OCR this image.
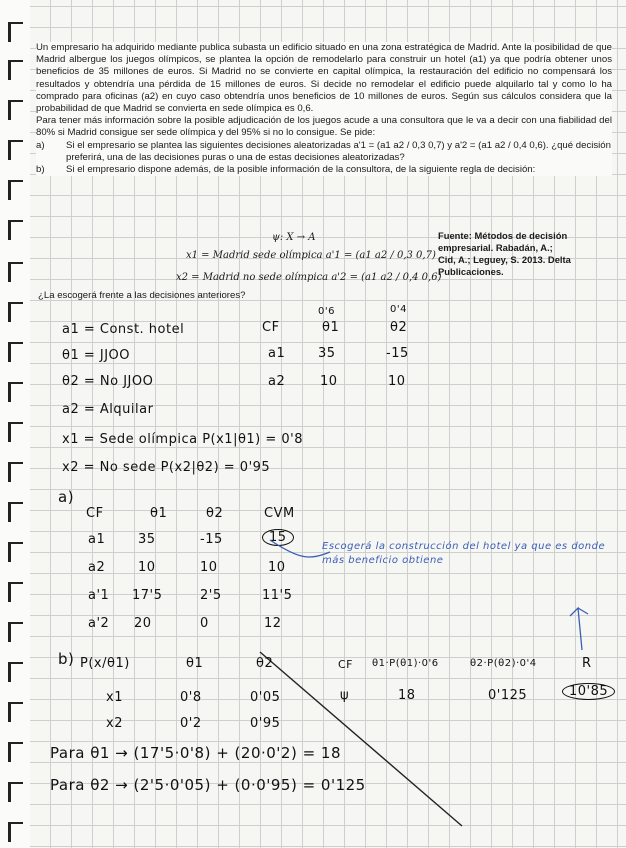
Un empresario ha adquirido mediante publica subasta un edificio situado en una zona estratégica de Madrid. Ante la posibilidad de que Madrid albergue los juegos olímpicos, se plantea la opción de remodelarlo para construir un hotel (a1) ya que podría obtener unos beneficios de 35 millones de euros. Si Madrid no se convierte en capital olímpica, la restauración del edificio no compensará los resultados y obtendría una pérdida de 15 millones de euros. Si decide no remodelar el edificio puede alquilarlo tal y como lo ha comprado para oficinas (a2) en cuyo caso obtendría unos beneficios de 10 millones de euros. Según sus cálculos considera que la probabilidad de que Madrid se convierta en sede olímpica es 0,6.

Para tener más información sobre la posible adjudicación de los juegos acude a una consultora que le va a decir con una fiabilidad del 80% si Madrid consigue ser sede olímpica y del 95% si no lo consigue. Se pide:

a)	Si el empresario se plantea las siguientes decisiones aleatorizadas a'1 = (a1 a2 / 0,3 0,7) y a'2 = (a1 a2 / 0,4 0,6). ¿qué decisión preferirá, una de las decisiones puras o una de estas decisiones aleatorizadas?
b)	Si el empresario dispone además, de la posible información de la consultora, de la siguiente regla de decisión:
ψ: X → A
x1 = Madrid sede olímpica a'1 = (a1 a2 / 0,3 0,7)
x2 = Madrid no sede olímpica a'2 = (a1 a2 / 0,4 0,6)
¿La escogerá frente a las decisiones anteriores?
Fuente: Métodos de decisión empresarial. Rabadán, A.; Cid, A.; Leguey, S. 2013. Delta Publicaciones.
a1 = Const. hotel
θ1 = JJOO
θ2 = No JJOO
a2 = Alquilar
x1 = Sede olímpica P(x1|θ1) = 0'8
x2 = No sede P(x2|θ2) = 0'95
0'6	0'4
CF	θ1	θ2
a1	35	-15
a2	10	10
a)
CF	θ1	θ2	CVM
a1	35	-15	15
a2	10	10	10
a'1 17'5	2'5	11'5
a'2 20	0	12
Escogerá la construcción del hotel ya que es donde más beneficio obtiene
b) P(x/θ1)	θ1	θ2	CF θ1·P(θ1)·0'6	θ2·P(θ2)·0'4	R
x1	0'8	0'05	ψ	18	0'125	10'85
x2	0'2	0'95
Para θ1 → (17'5·0'8) + (20·0'2) = 18
Para θ2 → (2'5·0'05) + (0·0'95) = 0'125
